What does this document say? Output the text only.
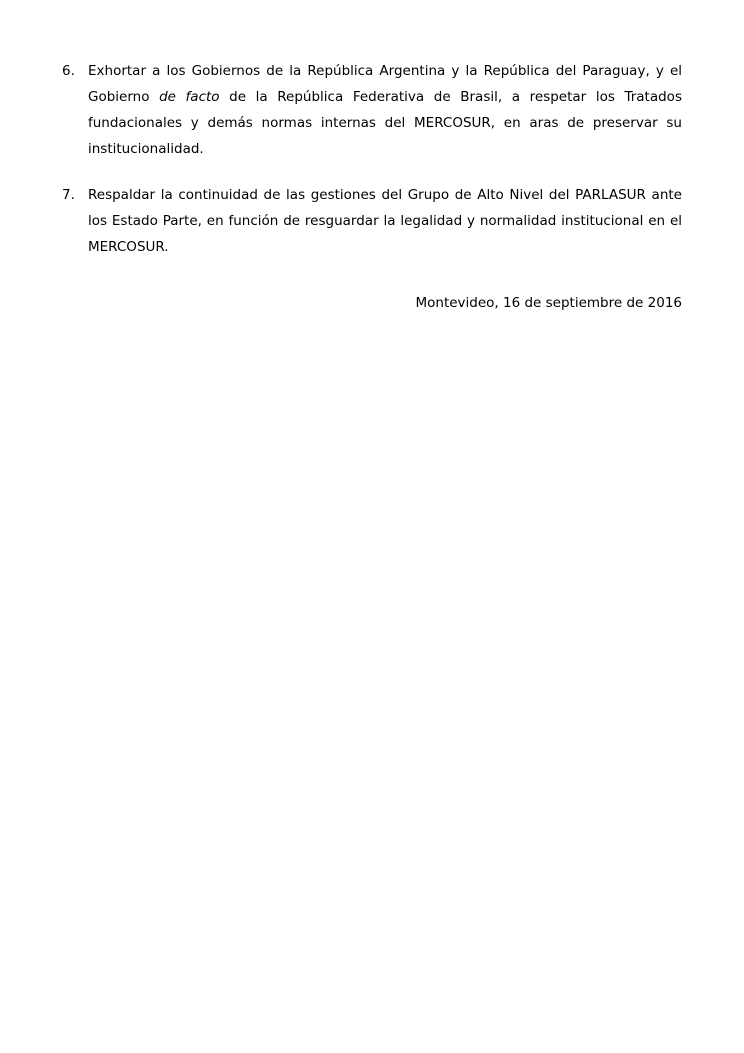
6. Exhortar a los Gobiernos de la República Argentina y la República del Paraguay, y el Gobierno de facto de la República Federativa de Brasil, a respetar los Tratados fundacionales y demás normas internas del MERCOSUR, en aras de preservar su institucionalidad.

7. Respaldar la continuidad de las gestiones del Grupo de Alto Nivel del PARLASUR ante los Estado Parte, en función de resguardar la legalidad y normalidad institucional en el MERCOSUR.

Montevideo, 16 de septiembre de 2016
